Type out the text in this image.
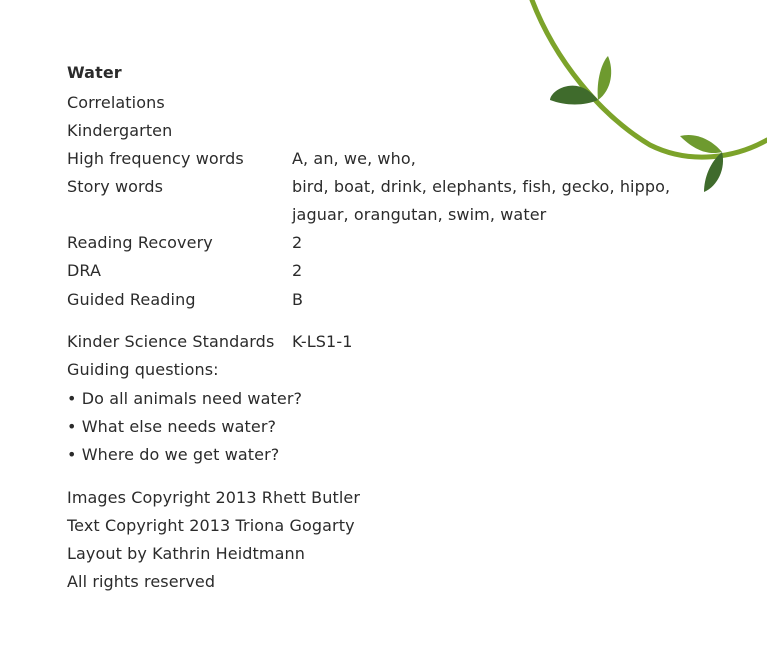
Water
Correlations
Kindergarten
High frequency words	A, an, we, who,
Story words	bird, boat, drink, elephants, fish, gecko, hippo,
jaguar, orangutan, swim, water
Reading Recovery	2
DRA	2
Guided Reading	B
Kinder Science Standards K-LS1-1
Guiding questions:
• Do all animals need water?
• What else needs water?
• Where do we get water?
Images Copyright 2013 Rhett Butler
Text Copyright 2013 Triona Gogarty
Layout by Kathrin Heidtmann
All rights reserved
